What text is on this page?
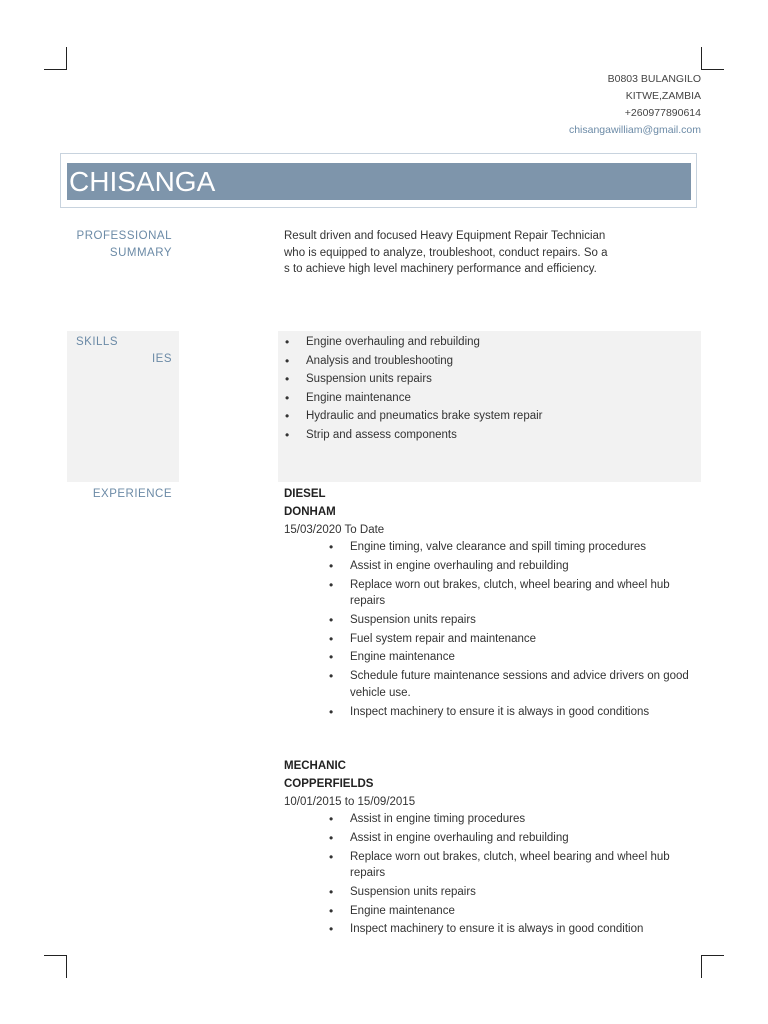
B0803 BULANGILO
KITWE,ZAMBIA
+260977890614
chisangawilliam@gmail.com
CHISANGA
PROFESSIONAL
SUMMARY
Result driven and focused Heavy Equipment Repair Technician who is equipped to analyze, troubleshoot, conduct repairs. So as to achieve high level machinery performance and efficiency.
SKILLS
IES
• Engine overhauling and rebuilding
• Analysis and troubleshooting
• Suspension units repairs
• Engine maintenance
• Hydraulic and pneumatics brake system repair
• Strip and assess components
EXPERIENCE	DIESEL
DONHAM
15/03/2020 To Date
• Engine timing, valve clearance and spill timing procedures
• Assist in engine overhauling and rebuilding
• Replace worn out brakes, clutch, wheel bearing and wheel hub repairs
• Suspension units repairs
• Fuel system repair and maintenance
• Engine maintenance
• Schedule future maintenance sessions and advice drivers on good vehicle use.
• Inspect machinery to ensure it is always in good conditions
MECHANIC
COPPERFIELDS
10/01/2015 to 15/09/2015
• Assist in engine timing procedures
• Assist in engine overhauling and rebuilding
• Replace worn out brakes, clutch, wheel bearing and wheel hub repairs
• Suspension units repairs
• Engine maintenance
• Inspect machinery to ensure it is always in good condition
